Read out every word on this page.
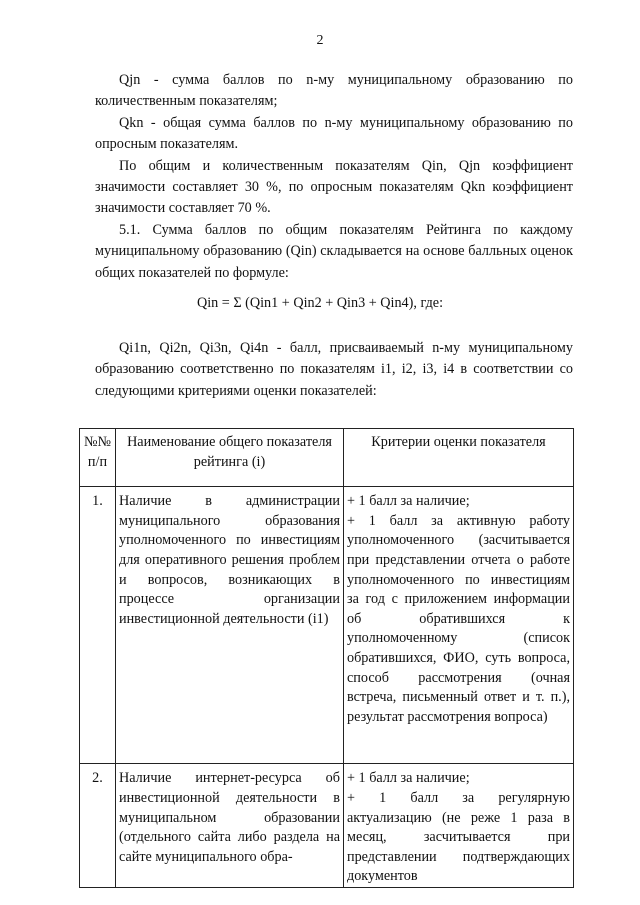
2

Qjn - сумма баллов по n-му муниципальному образованию по количественным показателям;

Qkn - общая сумма баллов по n-му муниципальному образованию по опросным показателям.

По общим и количественным показателям Qin, Qjn коэффициент значимости составляет 30 %, по опросным показателям Qkn коэффициент значимости составляет 70 %.

5.1. Сумма баллов по общим показателям Рейтинга по каждому муниципальному образованию (Qin) складывается на основе балльных оценок общих показателей по формуле:

Qin = Σ (Qin1 + Qin2 + Qin3 + Qin4), где:

Qi1n, Qi2n, Qi3n, Qi4n - балл, присваиваемый n-му муниципальному образованию соответственно по показателям i1, i2, i3, i4 в соответствии со следующими критериями оценки показателей:

№№ п/п	Наименование общего показателя рейтинга (i)	Критерии оценки показателя
1.	Наличие в администрации муниципального образования уполномоченного по инвестициям для оперативного решения проблем и вопросов, возникающих в процессе организации инвестиционной деятельности (i1)	+ 1 балл за наличие;
+ 1 балл за активную работу уполномоченного (засчитывается при представлении отчета о работе уполномоченного по инвестициям за год с приложением информации об обратившихся к уполномоченному (список обратившихся, ФИО, суть вопроса, способ рассмотрения (очная встреча, письменный ответ и т. п.), результат рассмотрения вопроса)

2.	Наличие интернет-ресурса об инвестиционной деятельности в муниципальном образовании (отдельного сайта либо раздела на сайте муниципального обра-	+ 1 балл за наличие;
+ 1 балл за регулярную актуализацию (не реже 1 раза в месяц, засчитывается при представлении подтверждающих документов
